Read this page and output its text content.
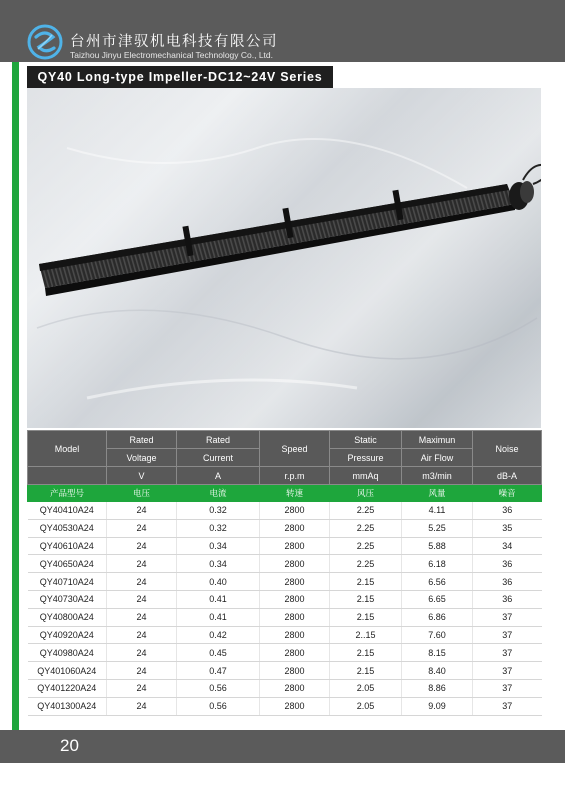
台州市津驭机电科技有限公司
Taizhou Jinyu Electromechanical Technology Co., Ltd.
QY40 Long-type Impeller-DC12~24V Series
Model	Rated	Rated	Speed	Static	Maximun	Noise
	Voltage	Current		Pressure	Air Flow	
	V	A	r.p.m	mmAq	m3/min	dB-A
产品型号	电压	电流	转速	风压	风量	噪音
QY40410A24	24	0.32	2800	2.25	4.11	36
QY40530A24	24	0.32	2800	2.25	5.25	35
QY40610A24	24	0.34	2800	2.25	5.88	34
QY40650A24	24	0.34	2800	2.25	6.18	36
QY40710A24	24	0.40	2800	2.15	6.56	36
QY40730A24	24	0.41	2800	2.15	6.65	36
QY40800A24	24	0.41	2800	2.15	6.86	37
QY40920A24	24	0.42	2800	2..15	7.60	37
QY40980A24	24	0.45	2800	2.15	8.15	37
QY401060A24	24	0.47	2800	2.15	8.40	37
QY401220A24	24	0.56	2800	2.05	8.86	37
QY401300A24	24	0.56	2800	2.05	9.09	37
20
